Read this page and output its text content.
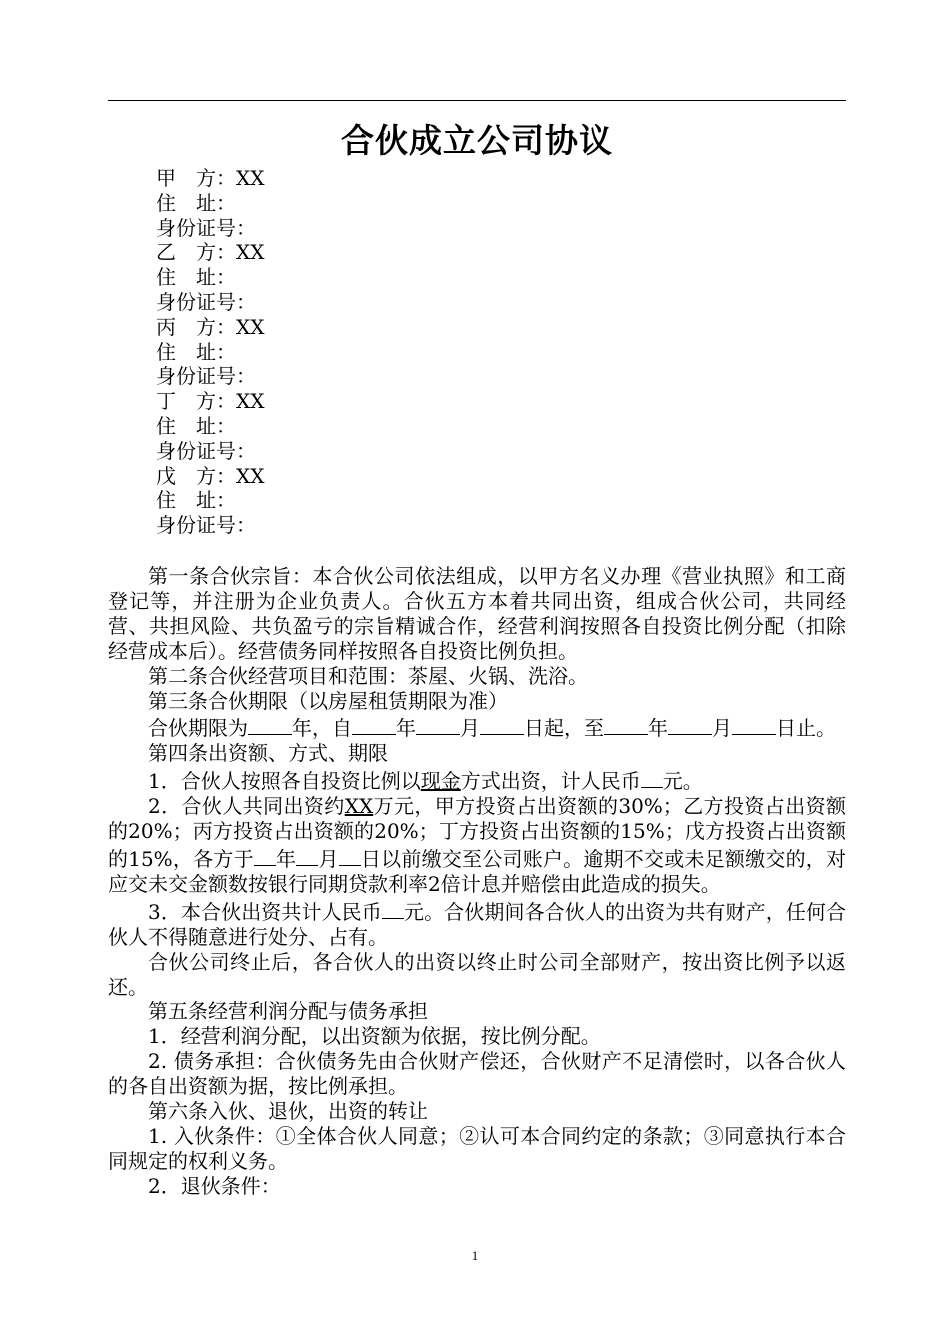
合伙成立公司协议
甲　方：XX
住　址：
身份证号：
乙　方：XX
住　址：
身份证号：
丙　方：XX
住　址：
身份证号：
丁　方：XX
住　址：
身份证号：
戊　方：XX
住　址：
身份证号：

第一条合伙宗旨：本合伙公司依法组成，以甲方名义办理《营业执照》和工商登记等，并注册为企业负责人。合伙五方本着共同出资，组成合伙公司，共同经营、共担风险、共负盈亏的宗旨精诚合作，经营利润按照各自投资比例分配（扣除经营成本后）。经营债务同样按照各自投资比例负担。

第二条合伙经营项目和范围：茶屋、火锅、洗浴。

第三条合伙期限（以房屋租赁期限为准）

合伙期限为 年，自 年 月 日起，至 年 月 日止。

第四条出资额、方式、期限

1．合伙人按照各自投资比例以现金方式出资，计人民币 元。

2．合伙人共同出资约XX万元，甲方投资占出资额的30%；乙方投资占出资额的20%；丙方投资占出资额的20%；丁方投资占出资额的15%；戊方投资占出资额的15%，各方于 年 月 日以前缴交至公司账户。逾期不交或未足额缴交的，对应交未交金额数按银行同期贷款利率2倍计息并赔偿由此造成的损失。

3．本合伙出资共计人民币 元。合伙期间各合伙人的出资为共有财产，任何合伙人不得随意进行处分、占有。

合伙公司终止后，各合伙人的出资以终止时公司全部财产，按出资比例予以返还。

第五条经营利润分配与债务承担

1．经营利润分配，以出资额为依据，按比例分配。

2. 债务承担：合伙债务先由合伙财产偿还，合伙财产不足清偿时，以各合伙人的各自出资额为据，按比例承担。

第六条入伙、退伙，出资的转让

1. 入伙条件：①全体合伙人同意；②认可本合同约定的条款；③同意执行本合同规定的权利义务。

2．退伙条件：

1
